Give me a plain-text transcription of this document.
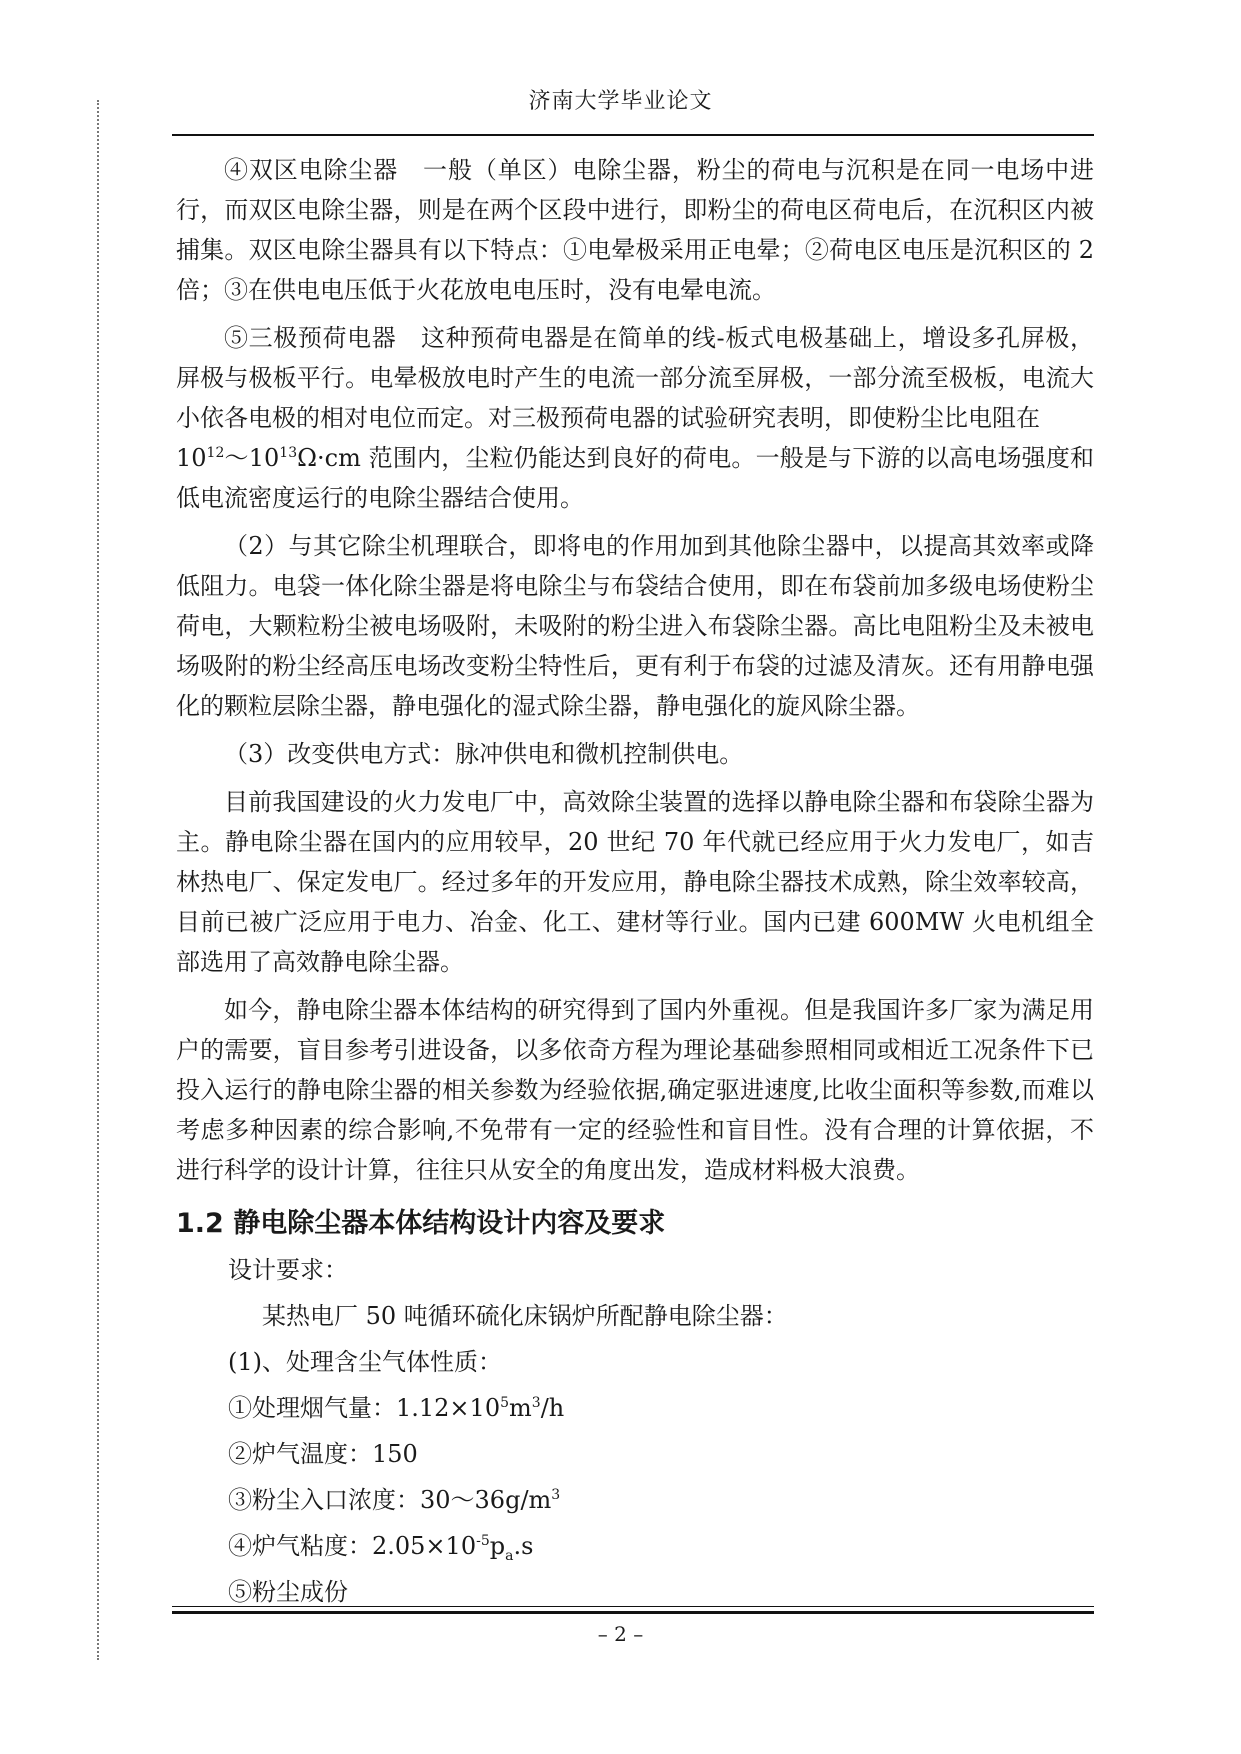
济南大学毕业论文

④双区电除尘器　一般（单区）电除尘器，粉尘的荷电与沉积是在同一电场中进行，而双区电除尘器，则是在两个区段中进行，即粉尘的荷电区荷电后，在沉积区内被捕集。双区电除尘器具有以下特点：①电晕极采用正电晕；②荷电区电压是沉积区的 2 倍；③在供电电压低于火花放电电压时，没有电晕电流。

⑤三极预荷电器　这种预荷电器是在简单的线-板式电极基础上，增设多孔屏极，屏极与极板平行。电晕极放电时产生的电流一部分流至屏极，一部分流至极板，电流大小依各电极的相对电位而定。对三极预荷电器的试验研究表明，即使粉尘比电阻在

$10^{12}\sim 10^{13}\Omega\cdot cm$ 范围内，尘粒仍能达到良好的荷电。一般是与下游的以高电场强度和低电流密度运行的电除尘器结合使用。

（2）与其它除尘机理联合，即将电的作用加到其他除尘器中，以提高其效率或降低阻力。电袋一体化除尘器是将电除尘与布袋结合使用，即在布袋前加多级电场使粉尘荷电，大颗粒粉尘被电场吸附，未吸附的粉尘进入布袋除尘器。高比电阻粉尘及未被电场吸附的粉尘经高压电场改变粉尘特性后，更有利于布袋的过滤及清灰。还有用静电强化的颗粒层除尘器，静电强化的湿式除尘器，静电强化的旋风除尘器。

（3）改变供电方式：脉冲供电和微机控制供电。

目前我国建设的火力发电厂中，高效除尘装置的选择以静电除尘器和布袋除尘器为主。静电除尘器在国内的应用较早，20 世纪 70 年代就已经应用于火力发电厂，如吉林热电厂、保定发电厂。经过多年的开发应用，静电除尘器技术成熟，除尘效率较高，目前已被广泛应用于电力、冶金、化工、建材等行业。国内已建 600MW 火电机组全部选用了高效静电除尘器。

如今，静电除尘器本体结构的研究得到了国内外重视。但是我国许多厂家为满足用户的需要，盲目参考引进设备，以多依奇方程为理论基础参照相同或相近工况条件下已投入运行的静电除尘器的相关参数为经验依据,确定驱进速度,比收尘面积等参数,而难以考虑多种因素的综合影响,不免带有一定的经验性和盲目性。没有合理的计算依据，不进行科学的设计计算，往往只从安全的角度出发，造成材料极大浪费。

1.2 静电除尘器本体结构设计内容及要求
设计要求：
某热电厂 50 吨循环硫化床锅炉所配静电除尘器：
(1)、处理含尘气体性质：
①处理烟气量：$1.12\times 10^5m^3/h$
②炉气温度：150
③粉尘入口浓度：$30\sim 36g/m^3$
④炉气粘度：$2.05\times 10^{-5}p_a.s$
⑤粉尘成份
– 2 –
